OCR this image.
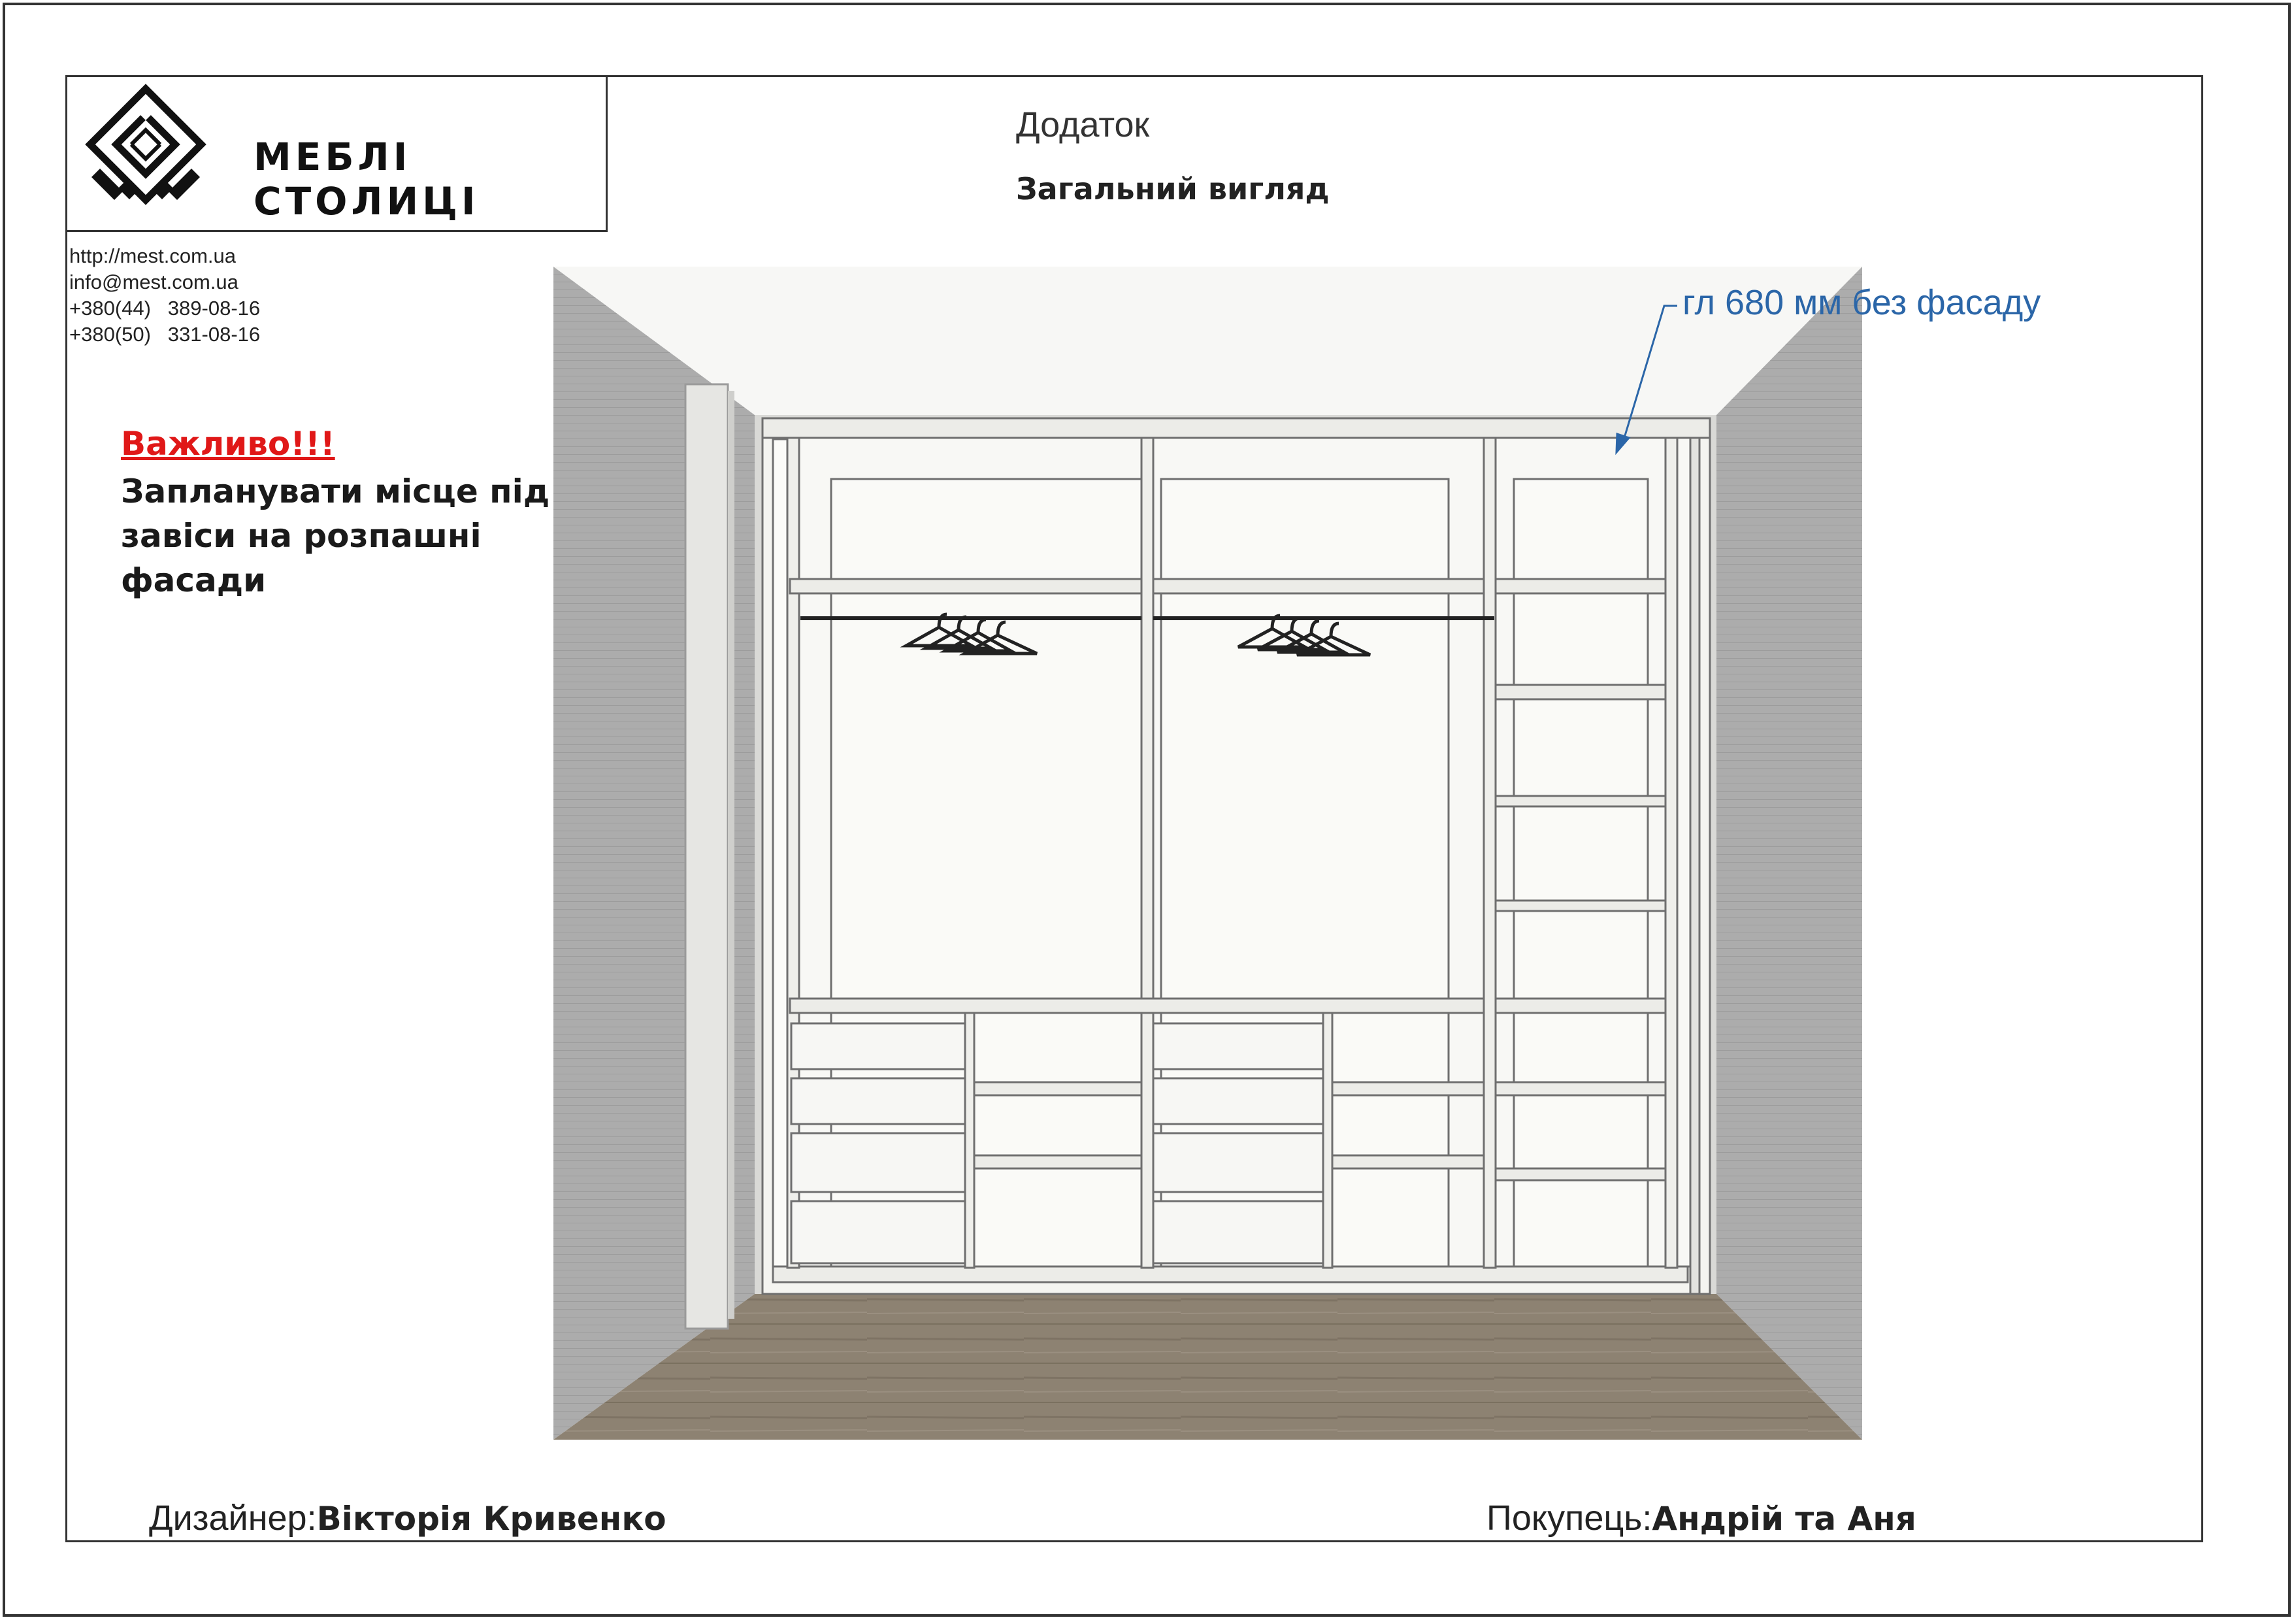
МЕБЛІ СТОЛИЦІ
http://mest.com.ua
info@mest.com.ua
+380(44)   389-08-16
+380(50)   331-08-16
Додаток
Загальний вигляд
Важливо!!!
Запланувати місце під завіси на розпашні фасади
гл 680 мм без фасаду
Дизайнер:Вікторія Кривенко	Покупець:Андрій та Аня
